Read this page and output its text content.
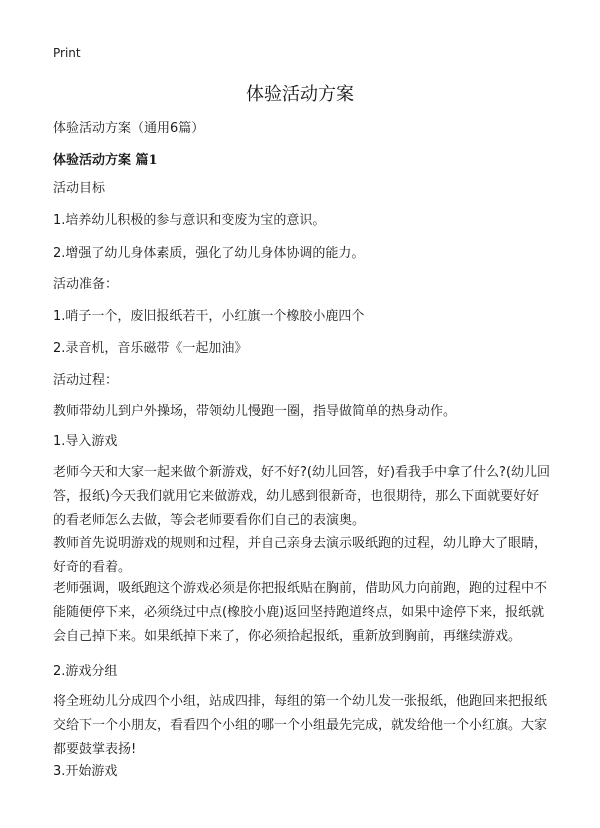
Print
体验活动方案

体验活动方案（通用6篇）

体验活动方案 篇1

活动目标

1.培养幼儿积极的参与意识和变废为宝的意识。

2.增强了幼儿身体素质，强化了幼儿身体协调的能力。

活动准备：

1.哨子一个，废旧报纸若干，小红旗一个橡胶小鹿四个

2.录音机，音乐磁带《一起加油》

活动过程：

教师带幼儿到户外操场，带领幼儿慢跑一圈，指导做简单的热身动作。

1.导入游戏

老师今天和大家一起来做个新游戏，好不好?(幼儿回答，好)看我手中拿了什么?(幼儿回答，报纸)今天我们就用它来做游戏，幼儿感到很新奇，也很期待，那么下面就要好好的看老师怎么去做，等会老师要看你们自己的表演奥。

教师首先说明游戏的规则和过程，并自己亲身去演示吸纸跑的过程，幼儿睁大了眼睛，好奇的看着。

老师强调，吸纸跑这个游戏必须是你把报纸贴在胸前，借助风力向前跑，跑的过程中不能随便停下来，必须绕过中点(橡胶小鹿)返回坚持跑道终点，如果中途停下来，报纸就会自己掉下来。如果纸掉下来了，你必须拾起报纸，重新放到胸前，再继续游戏。

2.游戏分组

将全班幼儿分成四个小组，站成四排，每组的第一个幼儿发一张报纸，他跑回来把报纸交给下一个小朋友，看看四个小组的哪一个小组最先完成，就发给他一个小红旗。大家都要鼓掌表扬!

3.开始游戏
